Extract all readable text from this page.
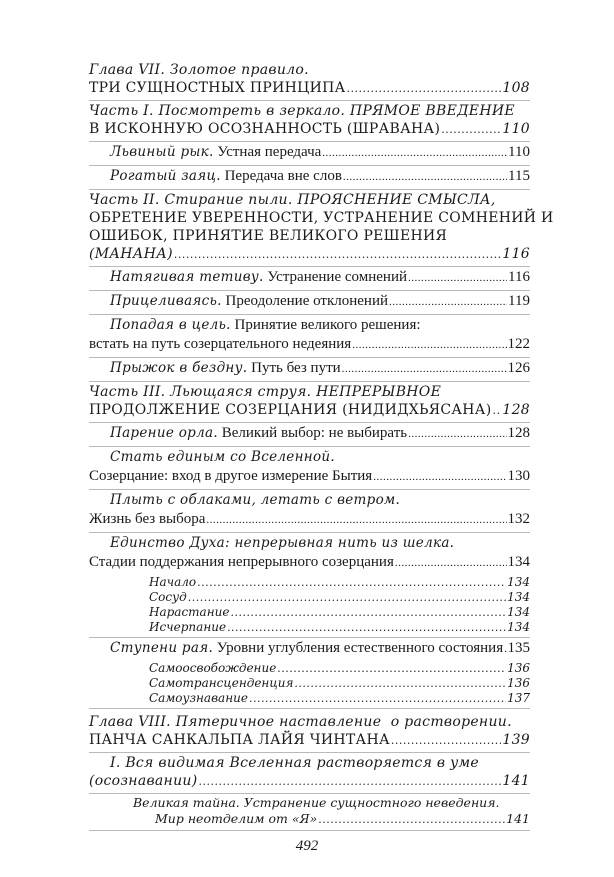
Глава VII. Золотое правило.
ТРИ СУЩНОСТНЫХ ПРИНЦИПА .....	108
Часть I. Посмотреть в зеркало. ПРЯМОЕ ВВЕДЕНИЕ
В ИСКОННУЮ ОСОЗНАННОСТЬ (ШРАВАНА) .....	110
Львиный рык. Устная передача .....	110
Рогатый заяц. Передача вне слов .....	115
Часть II. Стирание пыли. ПРОЯСНЕНИЕ СМЫСЛА,
ОБРЕТЕНИЕ УВЕРЕННОСТИ, УСТРАНЕНИЕ СОМНЕНИЙ И
ОШИБОК, ПРИНЯТИЕ ВЕЛИКОГО РЕШЕНИЯ
(МАНАНА) .....	116
Натягивая тетиву. Устранение сомнений .....	116
Прицеливаясь. Преодоление отклонений .....	119
Попадая в цель. Принятие великого решения:
встать на путь созерцательного недеяния .....	122
Прыжок в бездну. Путь без пути .....	126
Часть III. Льющаяся струя. НЕПРЕРЫВНОЕ
ПРОДОЛЖЕНИЕ СОЗЕРЦАНИЯ (НИДИДХЬЯСАНА) ..... 128
Парение орла. Великий выбор: не выбирать .....	128
Стать единым со Вселенной.
Созерцание: вход в другое измерение Бытия .....	130
Плыть с облаками, летать с ветром.
Жизнь без выбора .....	132
Единство Духа: непрерывная нить из шелка.
Стадии поддержания непрерывного созерцания .....	134
Начало .....	134
Сосуд .....	134
Нарастание .....	134
Исчерпание .....	134
Ступени рая. Уровни углубления естественного состояния ..... 135
Самоосвобождение .....	136
Самотрансценденция .....	136
Самоузнавание .....	137
Глава VIII. Пятеричное наставление  о растворении.
ПАНЧА САНКАЛЬПА ЛАЙЯ ЧИНТАНА .....	139
I. Вся видимая Вселенная растворяется в уме
(осознавании) .....	141
Великая тайна. Устранение сущностного неведения.
Мир неотделим от «Я» .....	141
492
